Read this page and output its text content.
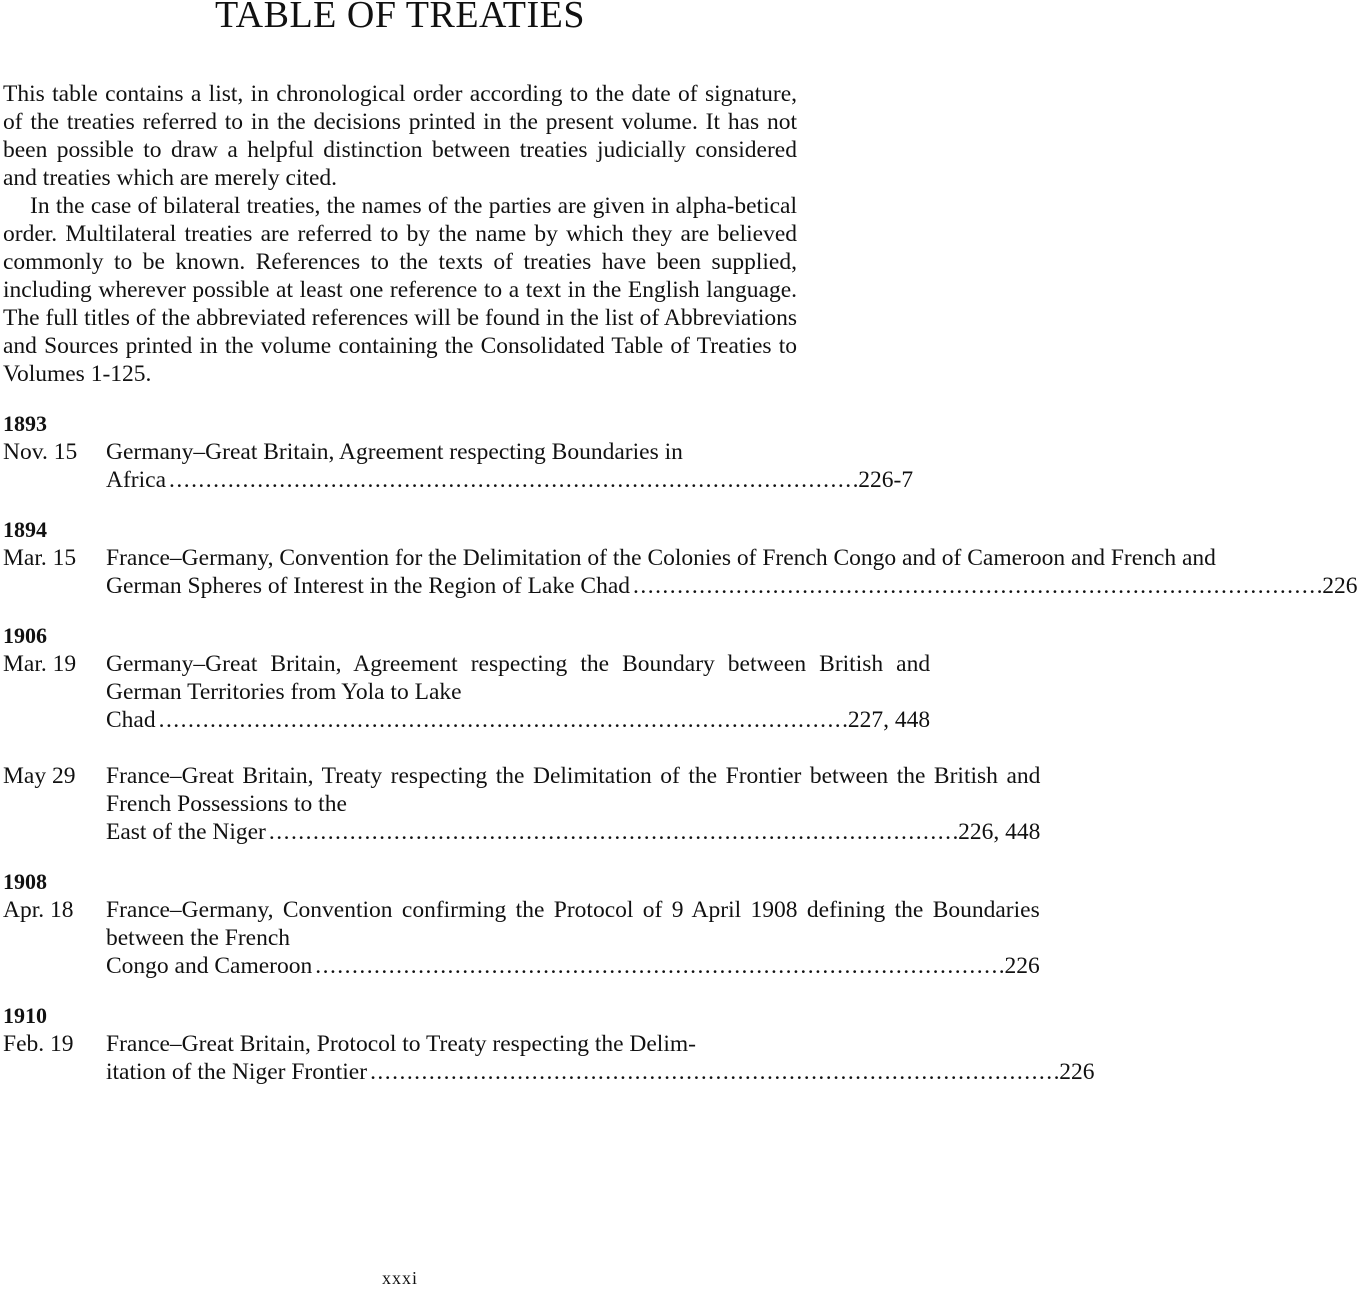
TABLE OF TREATIES

This table contains a list, in chronological order according to the date of signature, of the treaties referred to in the decisions printed in the present volume. It has not been possible to draw a helpful distinction between treaties judicially considered and treaties which are merely cited.

In the case of bilateral treaties, the names of the parties are given in alpha-betical order. Multilateral treaties are referred to by the name by which they are believed commonly to be known. References to the texts of treaties have been supplied, including wherever possible at least one reference to a text in the English language. The full titles of the abbreviated references will be found in the list of Abbreviations and Sources printed in the volume containing the Consolidated Table of Treaties to Volumes 1-125.

1893
Nov. 15	Germany–Great Britain, Agreement respecting Boundaries in
Africa . . .	226-7
1894
Mar. 15	France–Germany, Convention for the Delimitation of the Colonies of French Congo and of Cameroon and French and
German Spheres of Interest in the Region of Lake Chad . . .	226
1906
Mar. 19	Germany–Great Britain, Agreement respecting the Boundary between British and German Territories from Yola to Lake
Chad . . .	227, 448
May 29	France–Great Britain, Treaty respecting the Delimitation of the Frontier between the British and French Possessions to the
East of the Niger . . .	226, 448
1908
Apr. 18	France–Germany, Convention confirming the Protocol of 9 April 1908 defining the Boundaries between the French
Congo and Cameroon . . .	226
1910
Feb. 19	France–Great Britain, Protocol to Treaty respecting the Delim-
itation of the Niger Frontier . . .	226
xxxi
